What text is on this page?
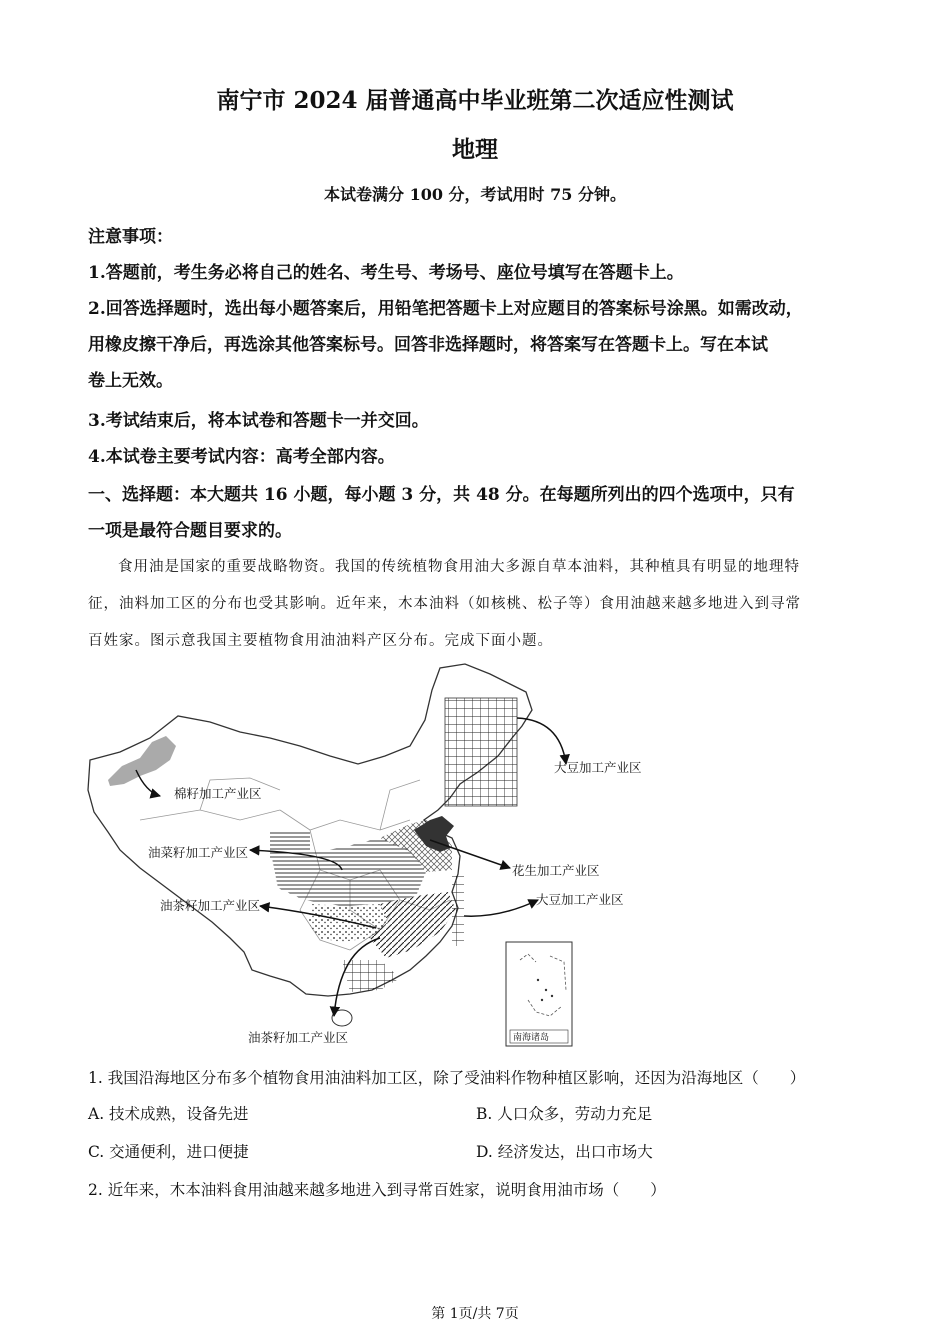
南宁市 2024 届普通高中毕业班第二次适应性测试
地理
本试卷满分 100 分，考试用时 75 分钟。
注意事项：
1.答题前，考生务必将自己的姓名、考生号、考场号、座位号填写在答题卡上。
2.回答选择题时，选出每小题答案后，用铅笔把答题卡上对应题目的答案标号涂黑。如需改动，
用橡皮擦干净后，再选涂其他答案标号。回答非选择题时，将答案写在答题卡上。写在本试
卷上无效。
3.考试结束后，将本试卷和答题卡一并交回。
4.本试卷主要考试内容：高考全部内容。
一、选择题：本大题共 16 小题，每小题 3 分，共 48 分。在每题所列出的四个选项中，只有
一项是最符合题目要求的。
食用油是国家的重要战略物资。我国的传统植物食用油大多源自草本油料，其种植具有明显的地理特
征，油料加工区的分布也受其影响。近年来，木本油料（如核桃、松子等）食用油越来越多地进入到寻常
百姓家。图示意我国主要植物食用油油料产区分布。完成下面小题。
棉籽加工产业区
大豆加工产业区
油菜籽加工产业区
花生加工产业区
油茶籽加工产业区	大豆加工产业区
油茶籽加工产业区	南海诸岛
1. 我国沿海地区分布多个植物食用油油料加工区，除了受油料作物种植区影响，还因为沿海地区（　　）
A. 技术成熟，设备先进	B. 人口众多，劳动力充足
C. 交通便利，进口便捷	D. 经济发达，出口市场大
2. 近年来，木本油料食用油越来越多地进入到寻常百姓家，说明食用油市场（　　）
第 1页/共 7页
